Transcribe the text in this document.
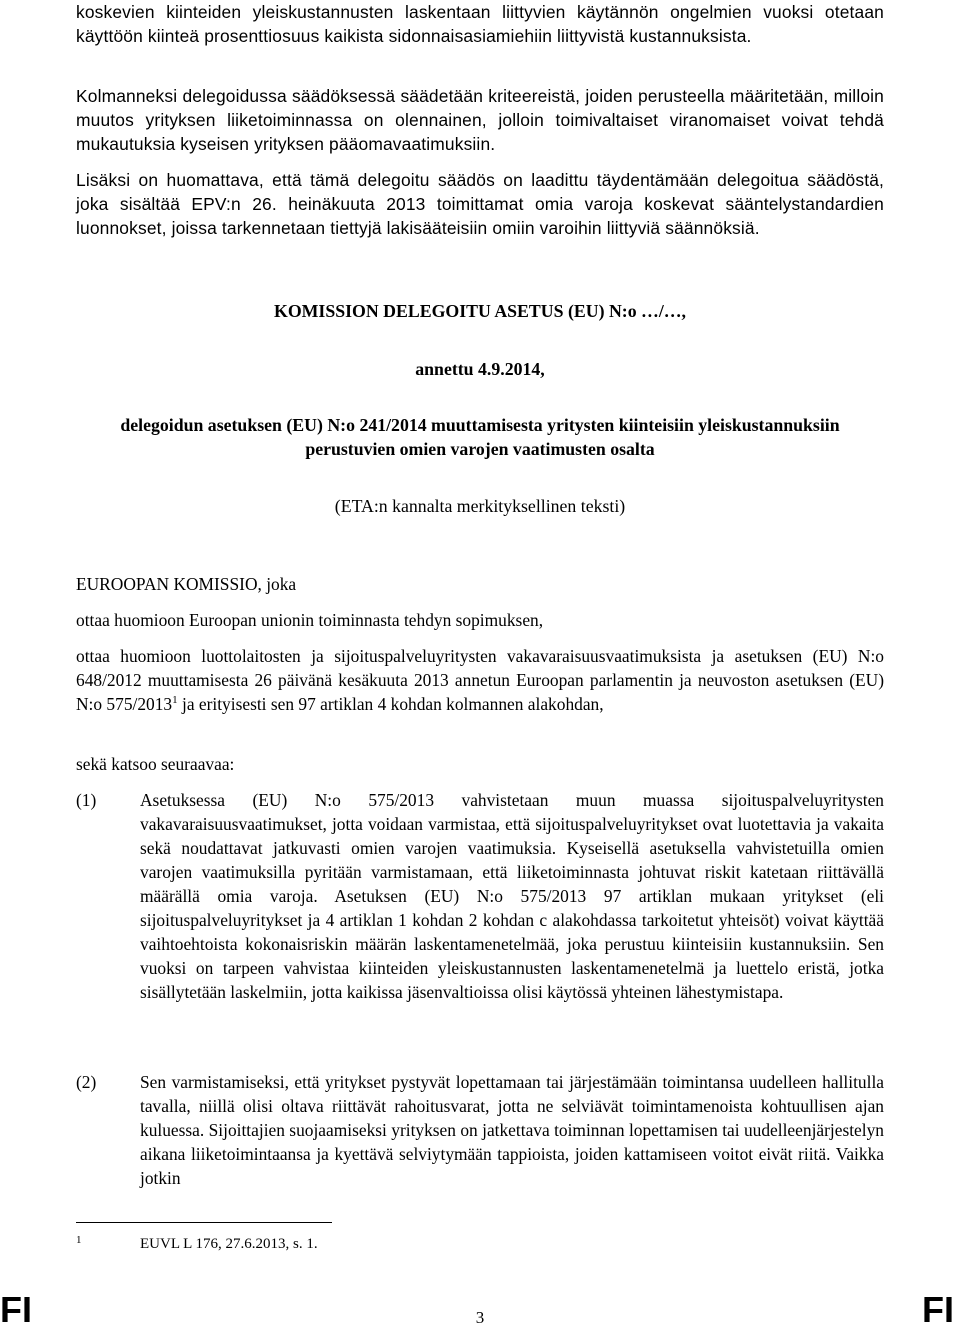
koskevien kiinteiden yleiskustannusten laskentaan liittyvien käytännön ongelmien vuoksi otetaan käyttöön kiinteä prosenttiosuus kaikista sidonnaisasiamiehiin liittyvistä kustannuksista.
Kolmanneksi delegoidussa säädöksessä säädetään kriteereistä, joiden perusteella määritetään, milloin muutos yrityksen liiketoiminnassa on olennainen, jolloin toimivaltaiset viranomaiset voivat tehdä mukautuksia kyseisen yrityksen pääomavaatimuksiin.
Lisäksi on huomattava, että tämä delegoitu säädös on laadittu täydentämään delegoitua säädöstä, joka sisältää EPV:n 26. heinäkuuta 2013 toimittamat omia varoja koskevat sääntelystandardien luonnokset, joissa tarkennetaan tiettyjä lakisääteisiin omiin varoihin liittyviä säännöksiä.
KOMISSION DELEGOITU ASETUS (EU) N:o …/…,
annettu 4.9.2014,
delegoidun asetuksen (EU) N:o 241/2014 muuttamisesta yritysten kiinteisiin yleiskustannuksiin perustuvien omien varojen vaatimusten osalta
(ETA:n kannalta merkityksellinen teksti)
EUROOPAN KOMISSIO, joka
ottaa huomioon Euroopan unionin toiminnasta tehdyn sopimuksen,
ottaa huomioon luottolaitosten ja sijoituspalveluyritysten vakavaraisuusvaatimuksista ja asetuksen (EU) N:o 648/2012 muuttamisesta 26 päivänä kesäkuuta 2013 annetun Euroopan parlamentin ja neuvoston asetuksen (EU) N:o 575/2013$^1$ ja erityisesti sen 97 artiklan 4 kohdan kolmannen alakohdan,
sekä katsoo seuraavaa:
(1)	Asetuksessa (EU) N:o 575/2013 vahvistetaan muun muassa sijoituspalveluyritysten vakavaraisuusvaatimukset, jotta voidaan varmistaa, että sijoituspalveluyritykset ovat luotettavia ja vakaita sekä noudattavat jatkuvasti omien varojen vaatimuksia. Kyseisellä asetuksella vahvistetuilla omien varojen vaatimuksilla pyritään varmistamaan, että liiketoiminnasta johtuvat riskit katetaan riittävällä määrällä omia varoja. Asetuksen (EU) N:o 575/2013 97 artiklan mukaan yritykset (eli sijoituspalveluyritykset ja 4 artiklan 1 kohdan 2 kohdan c alakohdassa tarkoitetut yhteisöt) voivat käyttää vaihtoehtoista kokonaisriskin määrän laskentamenetelmää, joka perustuu kiinteisiin kustannuksiin. Sen vuoksi on tarpeen vahvistaa kiinteiden yleiskustannusten laskentamenetelmä ja luettelo eristä, jotka sisällytetään laskelmiin, jotta kaikissa jäsenvaltioissa olisi käytössä yhteinen lähestymistapa.
(2)	Sen varmistamiseksi, että yritykset pystyvät lopettamaan tai järjestämään toimintansa uudelleen hallitulla tavalla, niillä olisi oltava riittävät rahoitusvarat, jotta ne selviävät toimintamenoista kohtuullisen ajan kuluessa. Sijoittajien suojaamiseksi yrityksen on jatkettava toiminnan lopettamisen tai uudelleenjärjestelyn aikana liiketoimintaansa ja kyettävä selviytymään tappioista, joiden kattamiseen voitot eivät riitä. Vaikka jotkin
1	EUVL L 176, 27.6.2013, s. 1.
FI	3	FI
